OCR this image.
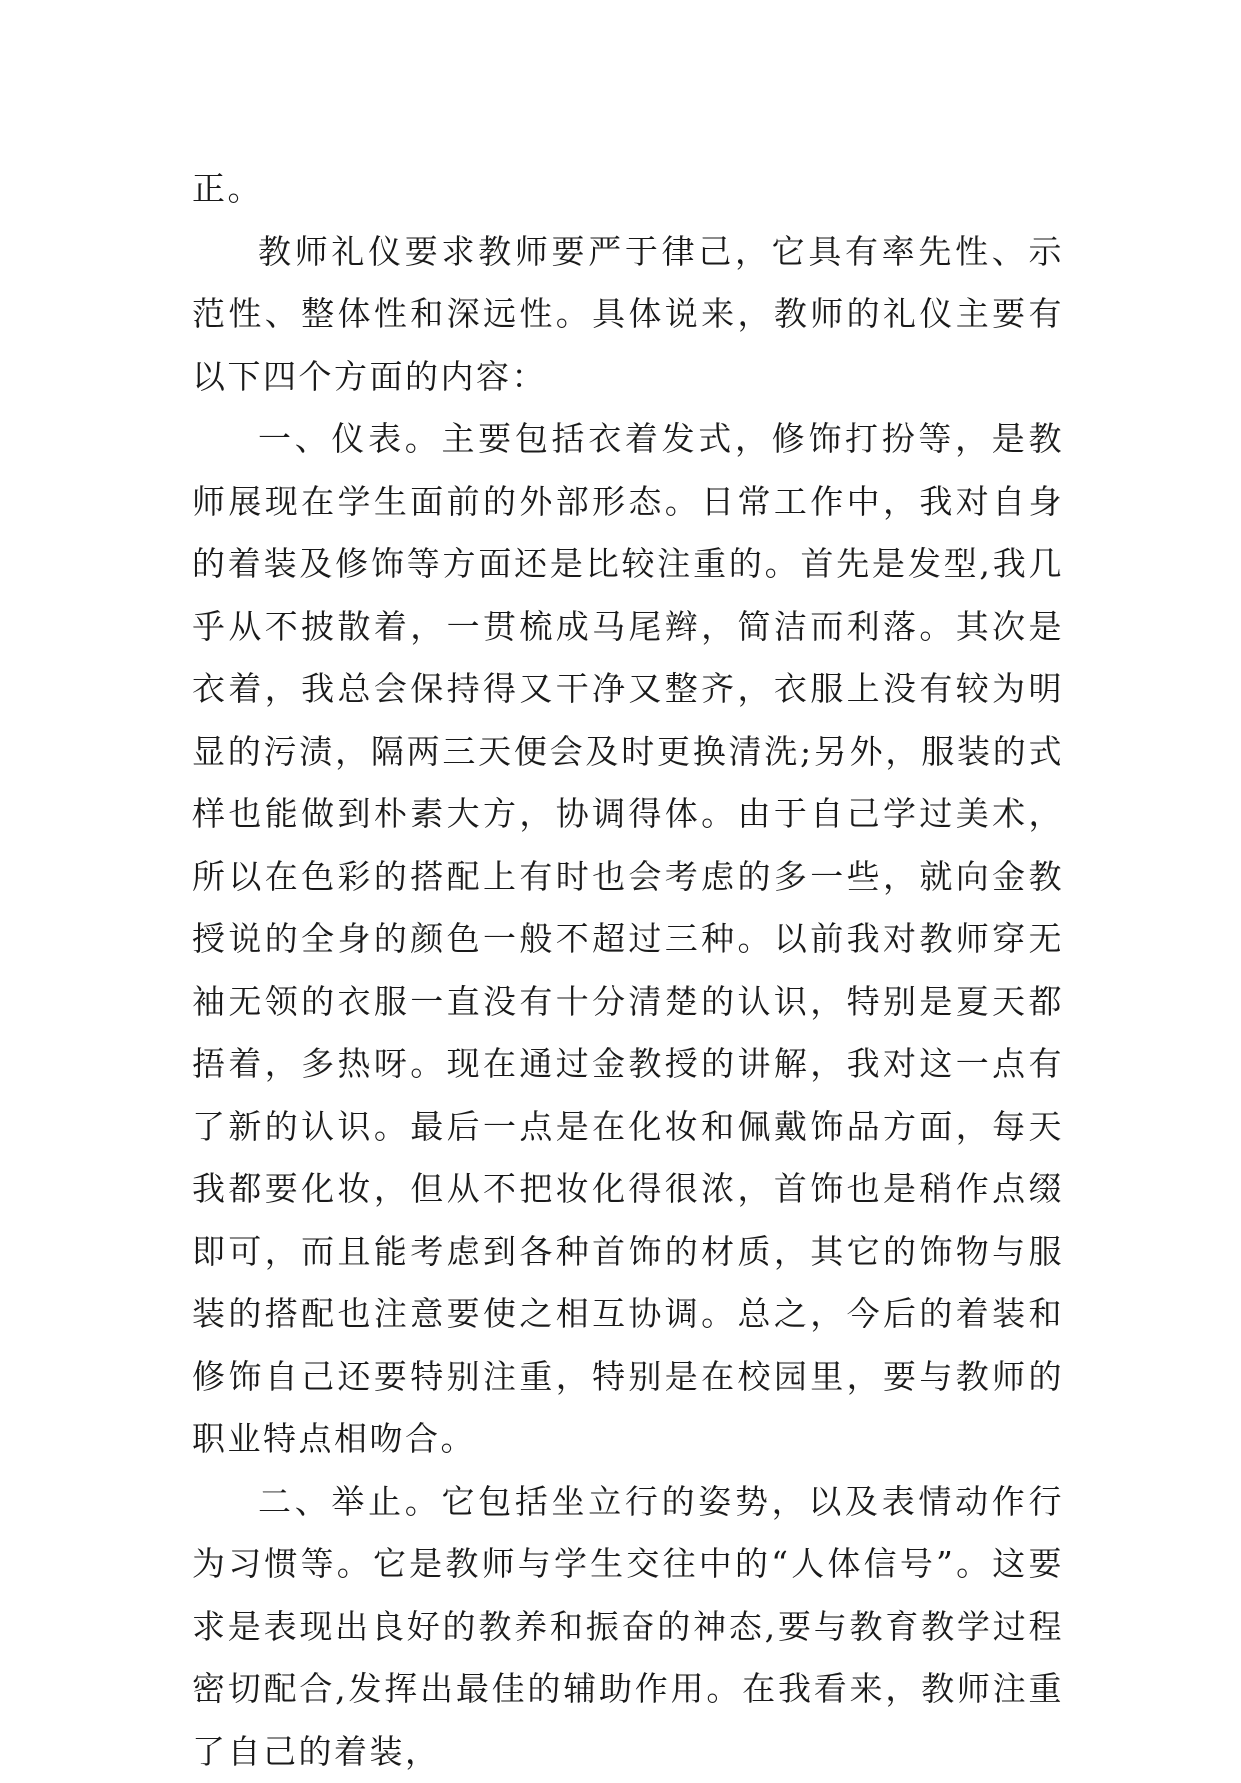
正。

教师礼仪要求教师要严于律己，它具有率先性、示范性、整体性和深远性。具体说来，教师的礼仪主要有以下四个方面的内容：

一、仪表。主要包括衣着发式，修饰打扮等，是教师展现在学生面前的外部形态。日常工作中，我对自身的着装及修饰等方面还是比较注重的。首先是发型,我几乎从不披散着，一贯梳成马尾辫，简洁而利落。其次是衣着，我总会保持得又干净又整齐，衣服上没有较为明显的污渍，隔两三天便会及时更换清洗;另外，服装的式样也能做到朴素大方，协调得体。由于自己学过美术，所以在色彩的搭配上有时也会考虑的多一些，就向金教授说的全身的颜色一般不超过三种。以前我对教师穿无袖无领的衣服一直没有十分清楚的认识，特别是夏天都捂着，多热呀。现在通过金教授的讲解，我对这一点有了新的认识。最后一点是在化妆和佩戴饰品方面，每天我都要化妆，但从不把妆化得很浓，首饰也是稍作点缀即可，而且能考虑到各种首饰的材质，其它的饰物与服装的搭配也注意要使之相互协调。总之，今后的着装和修饰自己还要特别注重，特别是在校园里，要与教师的职业特点相吻合。

二、举止。它包括坐立行的姿势，以及表情动作行为习惯等。它是教师与学生交往中的“人体信号”。这要求是表现出良好的教养和振奋的神态,要与教育教学过程密切配合,发挥出最佳的辅助作用。在我看来，教师注重了自己的着装，
